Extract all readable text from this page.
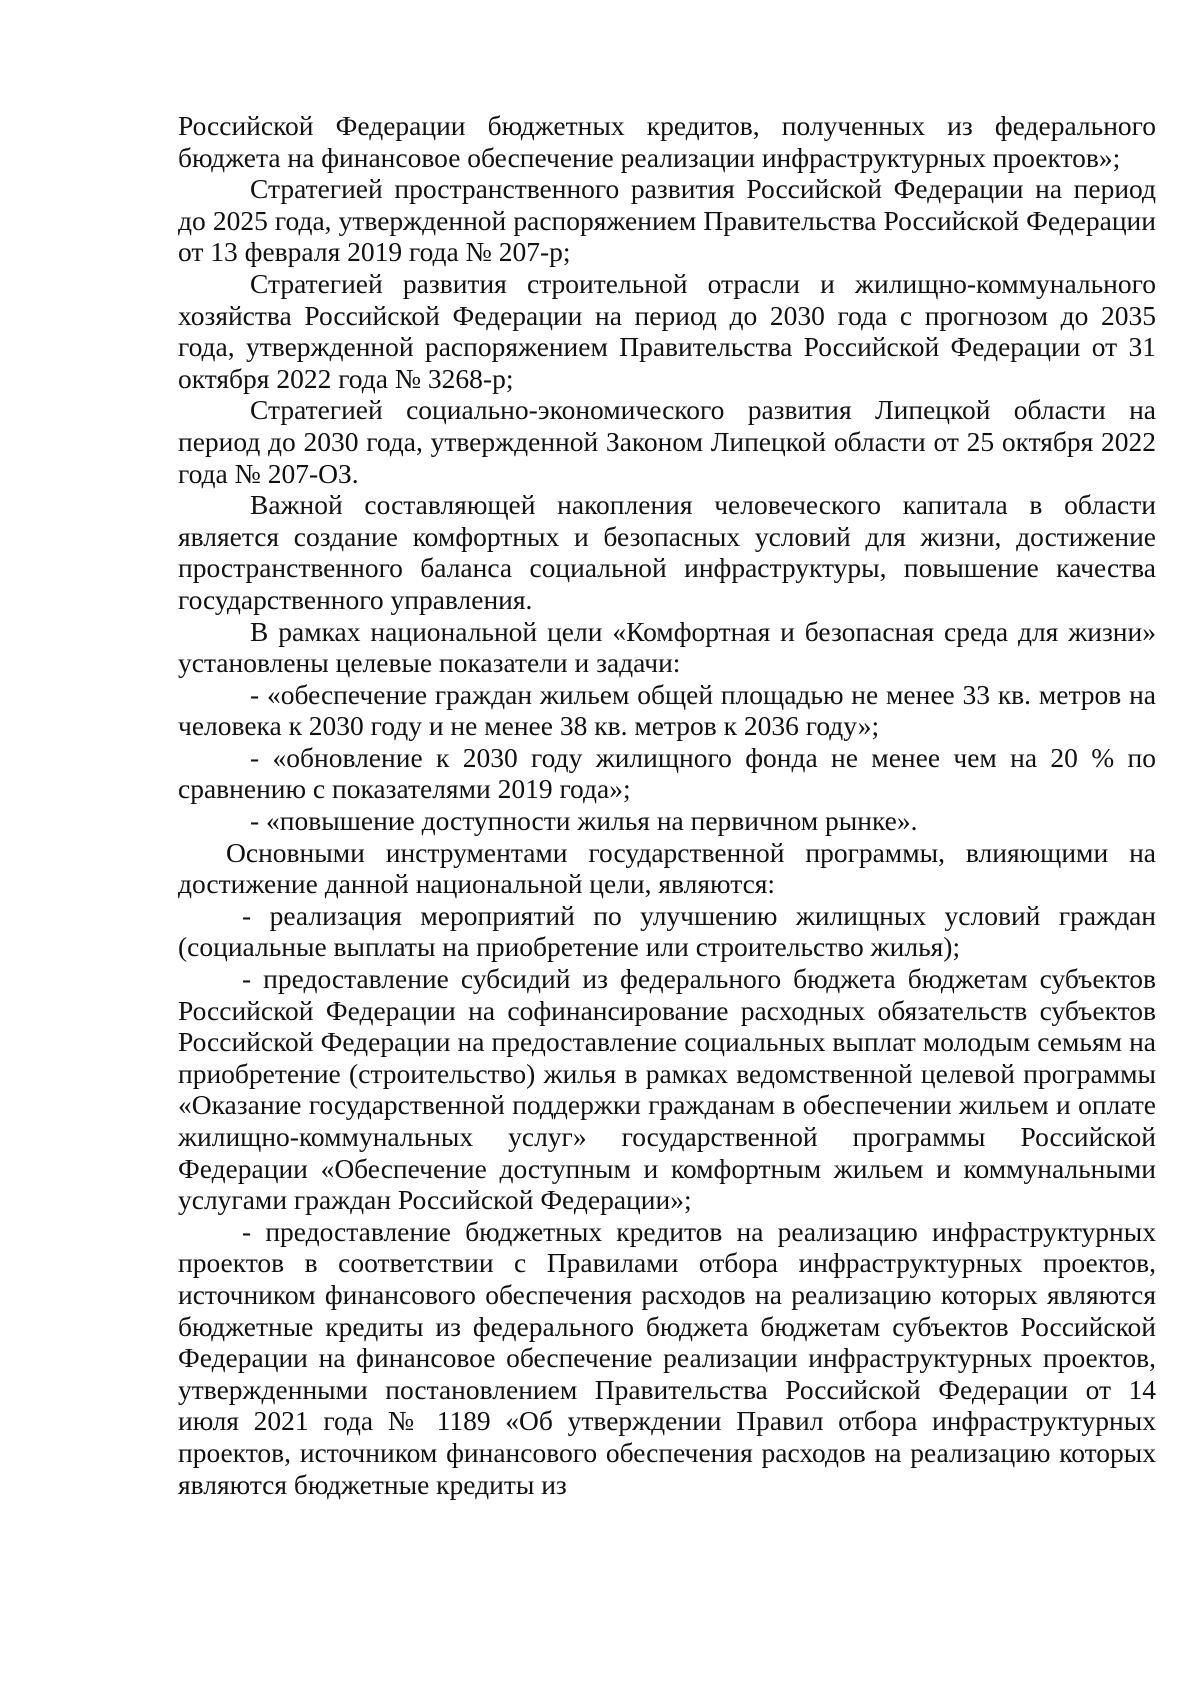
Российской Федерации бюджетных кредитов, полученных из федерального бюджета на финансовое обеспечение реализации инфраструктурных проектов»;

Стратегией пространственного развития Российской Федерации на период до 2025 года, утвержденной распоряжением Правительства Российской Федерации от 13 февраля 2019 года № 207-р;

Стратегией развития строительной отрасли и жилищно-коммунального хозяйства Российской Федерации на период до 2030 года с прогнозом до 2035 года, утвержденной распоряжением Правительства Российской Федерации от 31 октября 2022 года № 3268-р;

Стратегией социально-экономического развития Липецкой области на период до 2030 года, утвержденной Законом Липецкой области от 25 октября 2022 года № 207-ОЗ.

Важной составляющей накопления человеческого капитала в области является создание комфортных и безопасных условий для жизни, достижение пространственного баланса социальной инфраструктуры, повышение качества государственного управления.

В рамках национальной цели «Комфортная и безопасная среда для жизни» установлены целевые показатели и задачи:

- «обеспечение граждан жильем общей площадью не менее 33 кв. метров на человека к 2030 году и не менее 38 кв. метров к 2036 году»;

- «обновление к 2030 году жилищного фонда не менее чем на 20 % по сравнению с показателями 2019 года»;

- «повышение доступности жилья на первичном рынке».

Основными инструментами государственной программы, влияющими на достижение данной национальной цели, являются:

- реализация мероприятий по улучшению жилищных условий граждан (социальные выплаты на приобретение или строительство жилья);

- предоставление субсидий из федерального бюджета бюджетам субъектов Российской Федерации на софинансирование расходных обязательств субъектов Российской Федерации на предоставление социальных выплат молодым семьям на приобретение (строительство) жилья в рамках ведомственной целевой программы «Оказание государственной поддержки гражданам в обеспечении жильем и оплате жилищно-коммунальных услуг» государственной программы Российской Федерации «Обеспечение доступным и комфортным жильем и коммунальными услугами граждан Российской Федерации»;

- предоставление бюджетных кредитов на реализацию инфраструктурных проектов в соответствии с Правилами отбора инфраструктурных проектов, источником финансового обеспечения расходов на реализацию которых являются бюджетные кредиты из федерального бюджета бюджетам субъектов Российской Федерации на финансовое обеспечение реализации инфраструктурных проектов, утвержденными постановлением Правительства Российской Федерации от 14 июля 2021 года № 1189 «Об утверждении Правил отбора инфраструктурных проектов, источником финансового обеспечения расходов на реализацию которых являются бюджетные кредиты из
